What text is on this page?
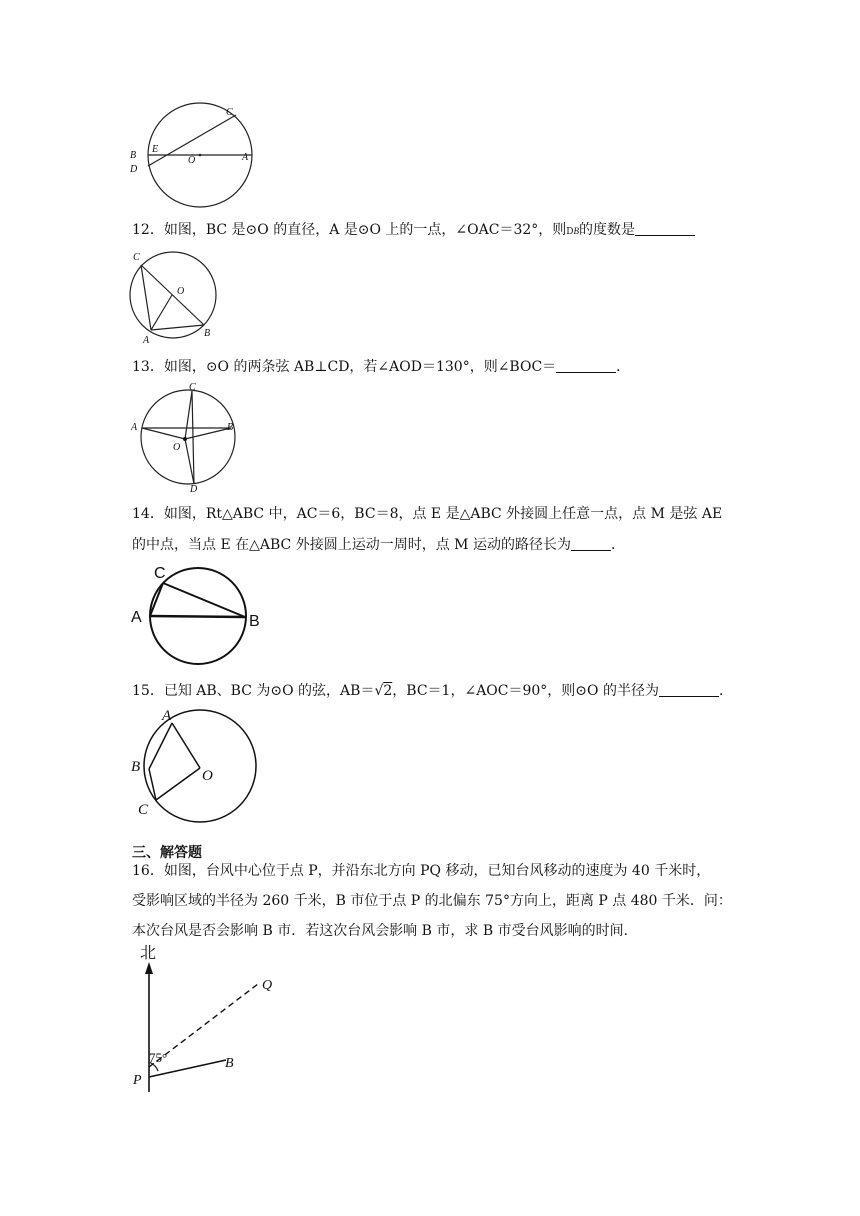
C
B
E
O	A
D
12．如图，BC 是⊙O 的直径，A 是⊙O 上的一点，∠OAC＝32°，则DB的度数是
C
O
A
B
13．如图，⊙O 的两条弦 AB⊥CD，若∠AOD＝130°，则∠BOC＝	．
C
A	B
O
D
14．如图，Rt△ABC 中，AC＝6，BC＝8，点 E 是△ABC 外接圆上任意一点，点 M 是弦 AE
的中点，当点 E 在△ABC 外接圆上运动一周时，点 M 运动的路径长为	．
C
A	B
15．已知 AB、BC 为⊙O 的弦，AB＝√2，BC＝1，∠AOC＝90°，则⊙O 的半径为	．
A
B
O
C
三、解答题
16．如图，台风中心位于点 P，并沿东北方向 PQ 移动，已知台风移动的速度为 40 千米时，
受影响区域的半径为 260 千米，B 市位于点 P 的北偏东 75°方向上，距离 P 点 480 千米．问：
本次台风是否会影响 B 市．若这次台风会影响 B 市，求 B 市受台风影响的时间．
北
Q
75°	B
P
